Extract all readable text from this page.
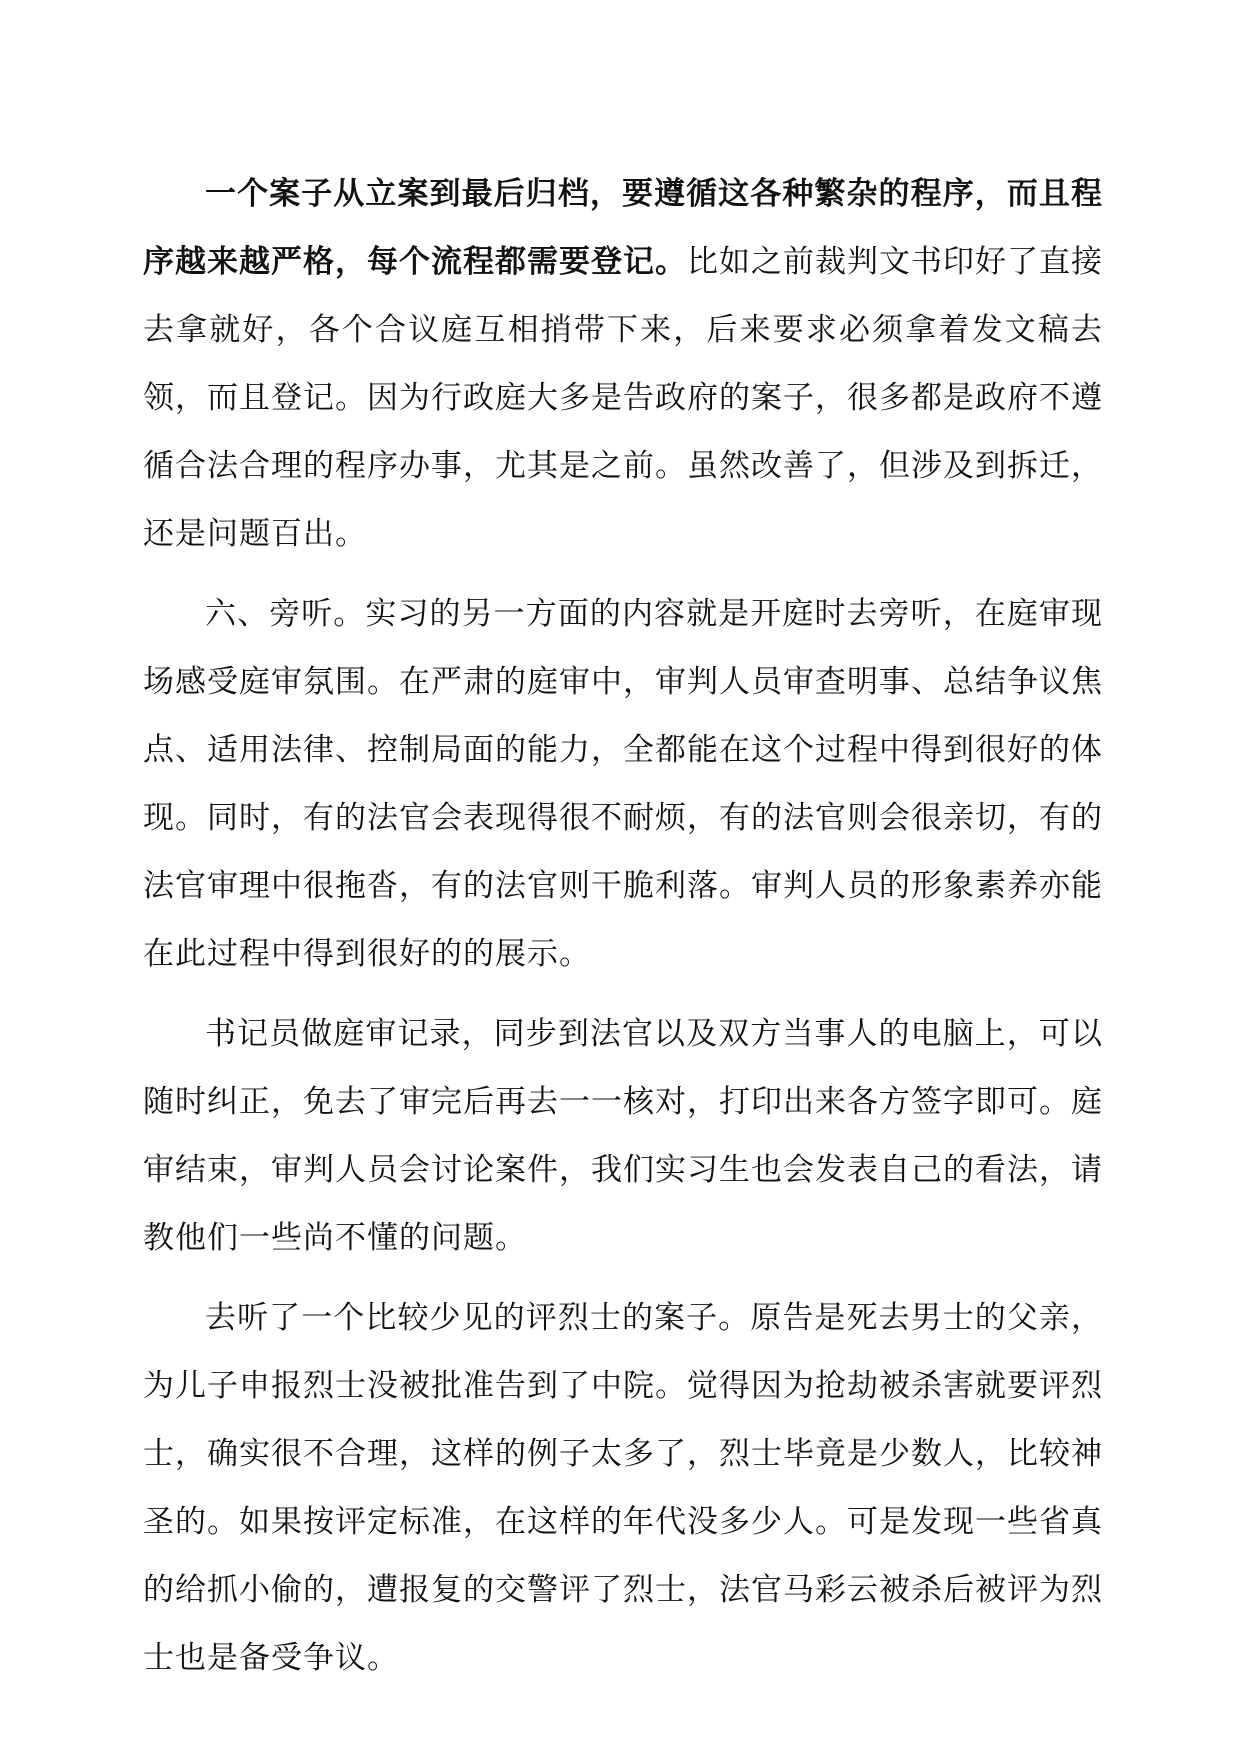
一个案子从立案到最后归档，要遵循这各种繁杂的程序，而且程序越来越严格，每个流程都需要登记。比如之前裁判文书印好了直接去拿就好，各个合议庭互相捎带下来，后来要求必须拿着发文稿去领，而且登记。因为行政庭大多是告政府的案子，很多都是政府不遵循合法合理的程序办事，尤其是之前。虽然改善了，但涉及到拆迁，还是问题百出。

六、旁听。实习的另一方面的内容就是开庭时去旁听，在庭审现场感受庭审氛围。在严肃的庭审中，审判人员审查明事、总结争议焦点、适用法律、控制局面的能力，全都能在这个过程中得到很好的体现。同时，有的法官会表现得很不耐烦，有的法官则会很亲切，有的法官审理中很拖沓，有的法官则干脆利落。审判人员的形象素养亦能在此过程中得到很好的的展示。

书记员做庭审记录，同步到法官以及双方当事人的电脑上，可以随时纠正，免去了审完后再去一一核对，打印出来各方签字即可。庭审结束，审判人员会讨论案件，我们实习生也会发表自己的看法，请教他们一些尚不懂的问题。

去听了一个比较少见的评烈士的案子。原告是死去男士的父亲，为儿子申报烈士没被批准告到了中院。觉得因为抢劫被杀害就要评烈士，确实很不合理，这样的例子太多了，烈士毕竟是少数人，比较神圣的。如果按评定标准，在这样的年代没多少人。可是发现一些省真的给抓小偷的，遭报复的交警评了烈士，法官马彩云被杀后被评为烈士也是备受争议。
